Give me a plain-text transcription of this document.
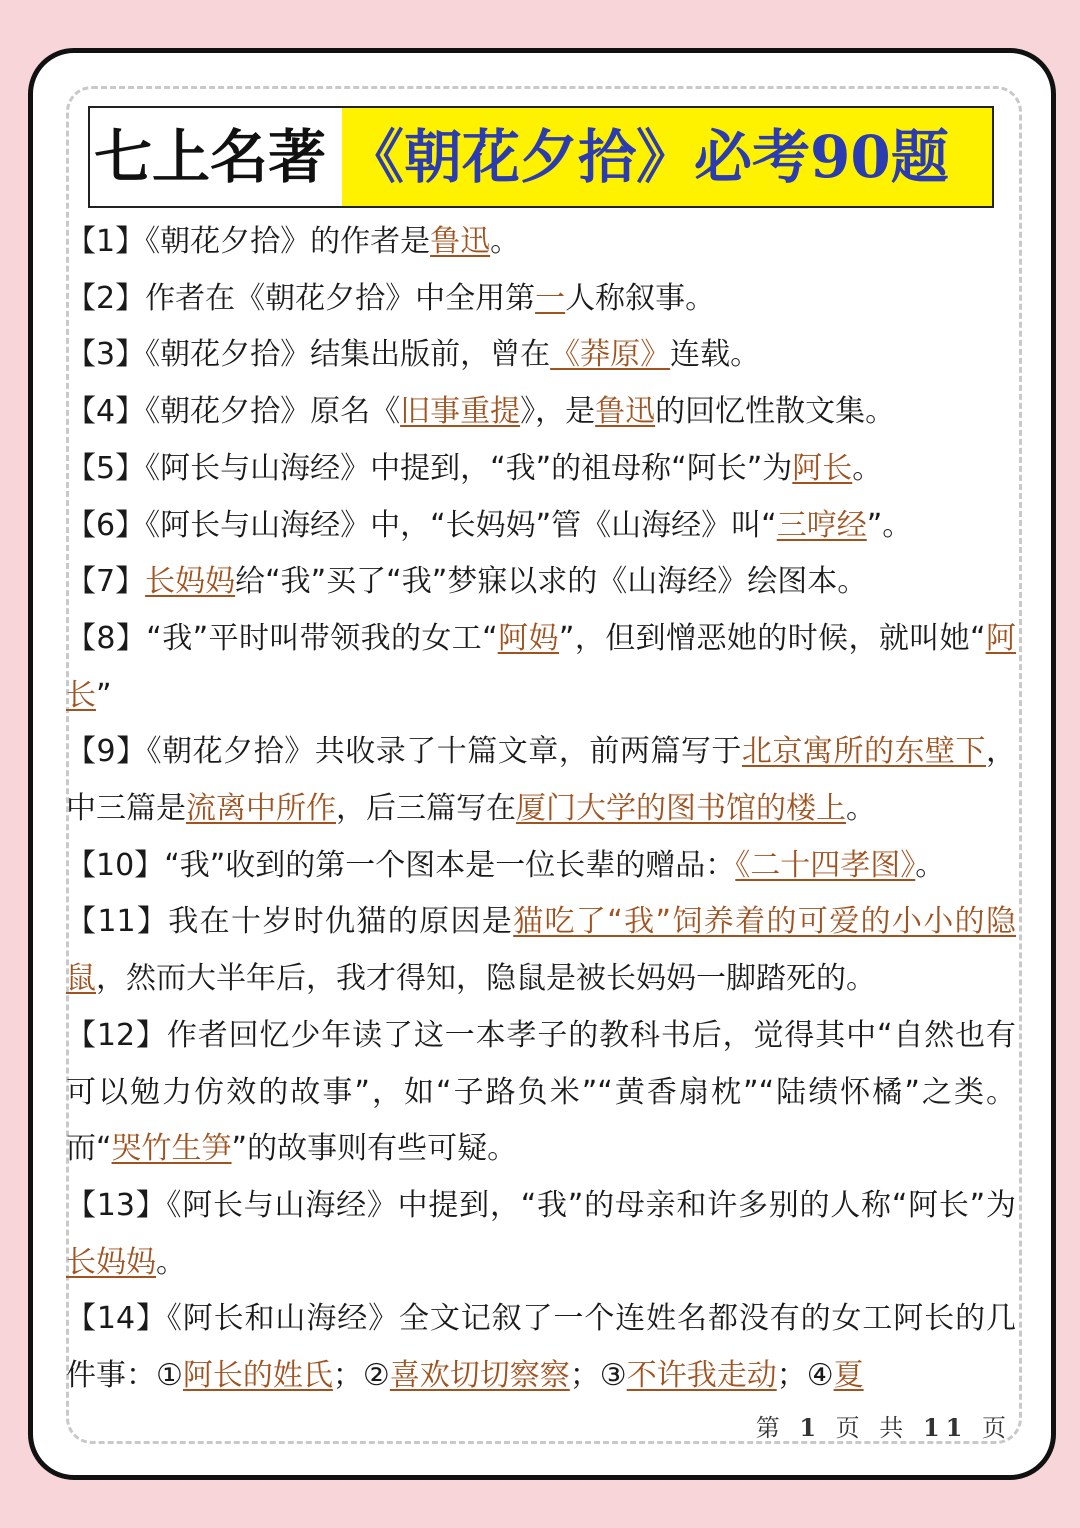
七上名著 《朝花夕拾》必考90题

【1】《朝花夕拾》的作者是鲁迅。

【2】作者在《朝花夕拾》中全用第一人称叙事。

【3】《朝花夕拾》结集出版前，曾在《莽原》连载。

【4】《朝花夕拾》原名《旧事重提》，是鲁迅的回忆性散文集。

【5】《阿长与山海经》中提到，“我”的祖母称“阿长”为阿长。

【6】《阿长与山海经》中，“长妈妈”管《山海经》叫“三哼经”。

【7】长妈妈给“我”买了“我”梦寐以求的《山海经》绘图本。

【8】“我”平时叫带领我的女工“阿妈”，但到憎恶她的时候，就叫她“阿长”

【9】《朝花夕拾》共收录了十篇文章，前两篇写于北京寓所的东壁下，中三篇是流离中所作，后三篇写在厦门大学的图书馆的楼上。

【10】“我”收到的第一个图本是一位长辈的赠品：《二十四孝图》。

【11】我在十岁时仇猫的原因是猫吃了“我”饲养着的可爱的小小的隐鼠，然而大半年后，我才得知，隐鼠是被长妈妈一脚踏死的。

【12】作者回忆少年读了这一本孝子的教科书后，觉得其中“自然也有可以勉力仿效的故事”，如“子路负米”“黄香扇枕”“陆绩怀橘”之类。而“哭竹生笋”的故事则有些可疑。

【13】《阿长与山海经》中提到，“我”的母亲和许多别的人称“阿长”为长妈妈。

【14】《阿长和山海经》全文记叙了一个连姓名都没有的女工阿长的几件事：①阿长的姓氏；②喜欢切切察察；③不许我走动；④夏

第 1 页 共 11 页
